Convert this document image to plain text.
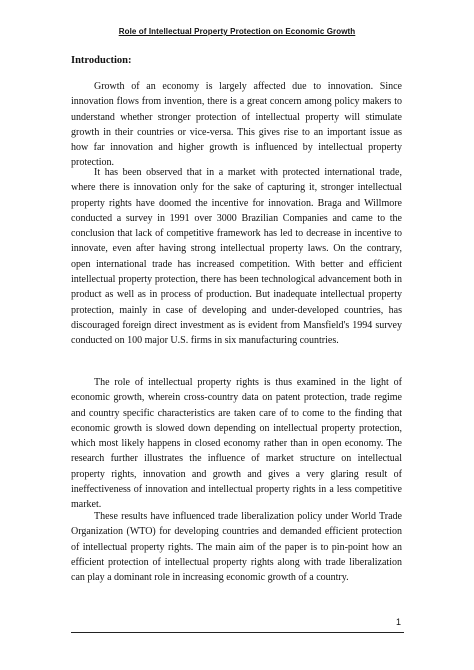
Role of Intellectual Property Protection on Economic Growth

Introduction:

Growth of an economy is largely affected due to innovation. Since innovation flows from invention, there is a great concern among policy makers to understand whether stronger protection of intellectual property will stimulate growth in their countries or vice-versa. This gives rise to an important issue as how far innovation and higher growth is influenced by intellectual property protection.

It has been observed that in a market with protected international trade, where there is innovation only for the sake of capturing it, stronger intellectual property rights have doomed the incentive for innovation. Braga and Willmore conducted a survey in 1991 over 3000 Brazilian Companies and came to the conclusion that lack of competitive framework has led to decrease in incentive to innovate, even after having strong intellectual property laws. On the contrary, open international trade has increased competition. With better and efficient intellectual property protection, there has been technological advancement both in product as well as in process of production. But inadequate intellectual property protection, mainly in case of developing and under-developed countries, has discouraged foreign direct investment as is evident from Mansfield's 1994 survey conducted on 100 major U.S. firms in six manufacturing countries.

The role of intellectual property rights is thus examined in the light of economic growth, wherein cross-country data on patent protection, trade regime and country specific characteristics are taken care of to come to the finding that economic growth is slowed down depending on intellectual property protection, which most likely happens in closed economy rather than in open economy. The research further illustrates the influence of market structure on intellectual property rights, innovation and growth and gives a very glaring result of ineffectiveness of innovation and intellectual property rights in a less competitive market.

These results have influenced trade liberalization policy under World Trade Organization (WTO) for developing countries and demanded efficient protection of intellectual property rights. The main aim of the paper is to pin-point how an efficient protection of intellectual property rights along with trade liberalization can play a dominant role in increasing economic growth of a country.

1
